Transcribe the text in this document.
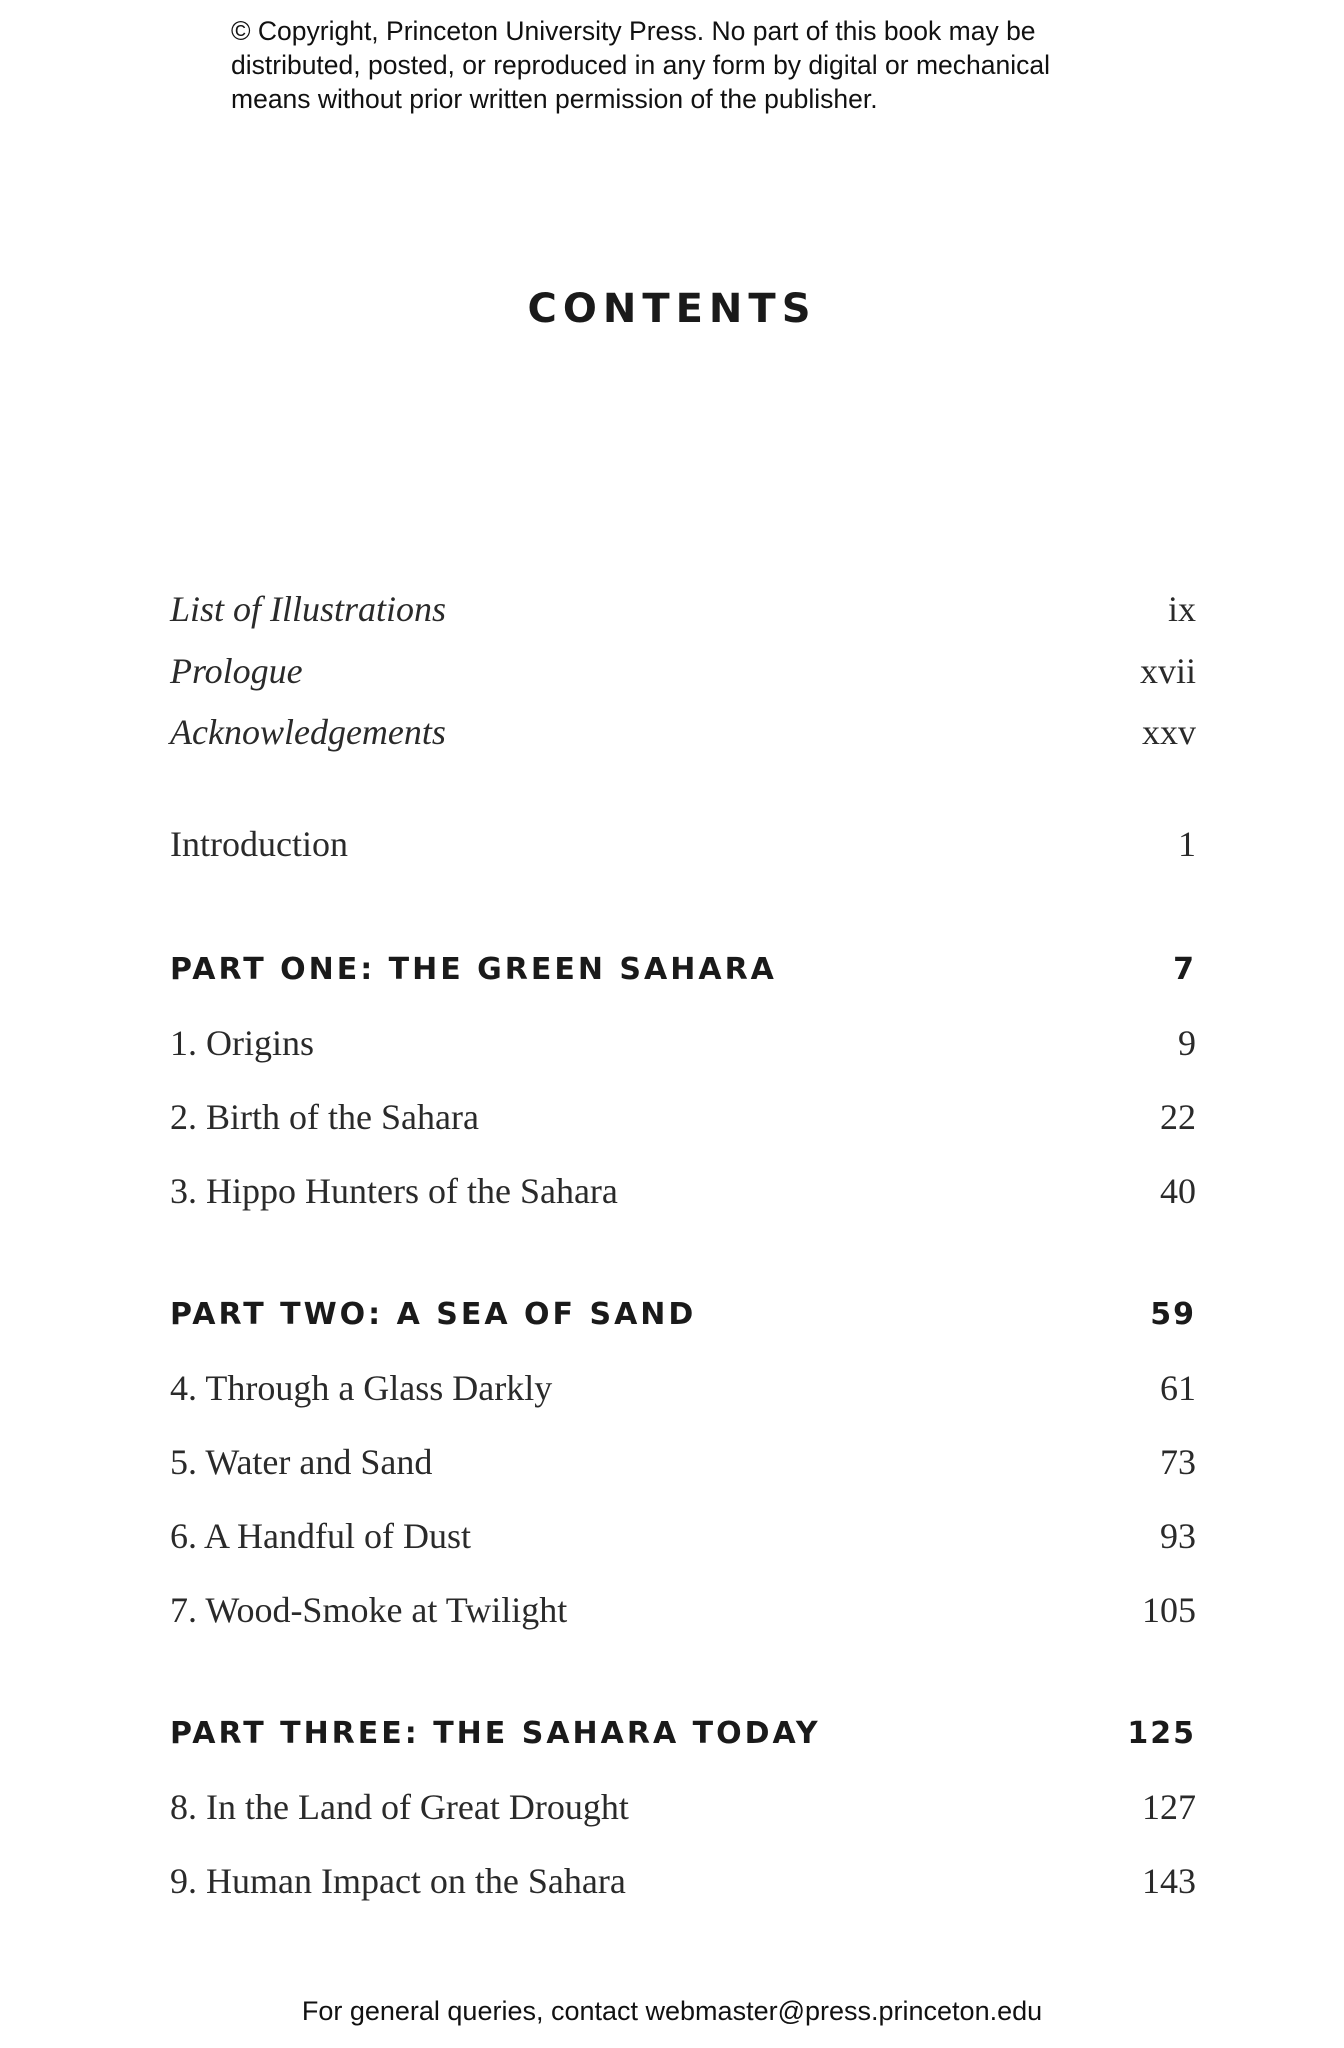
© Copyright, Princeton University Press. No part of this book may be
distributed, posted, or reproduced in any form by digital or mechanical
means without prior written permission of the publisher.
CONTENTS
List of Illustrations	ix
Prologue	xvii
Acknowledgements	xxv
Introduction	1
PART ONE: THE GREEN SAHARA	7
1. Origins	9
2. Birth of the Sahara	22
3. Hippo Hunters of the Sahara	40
PART TWO: A SEA OF SAND	59
4. Through a Glass Darkly	61
5. Water and Sand	73
6. A Handful of Dust	93
7. Wood-Smoke at Twilight	105
PART THREE: THE SAHARA TODAY	125
8. In the Land of Great Drought	127
9. Human Impact on the Sahara	143
For general queries, contact webmaster@press.princeton.edu
